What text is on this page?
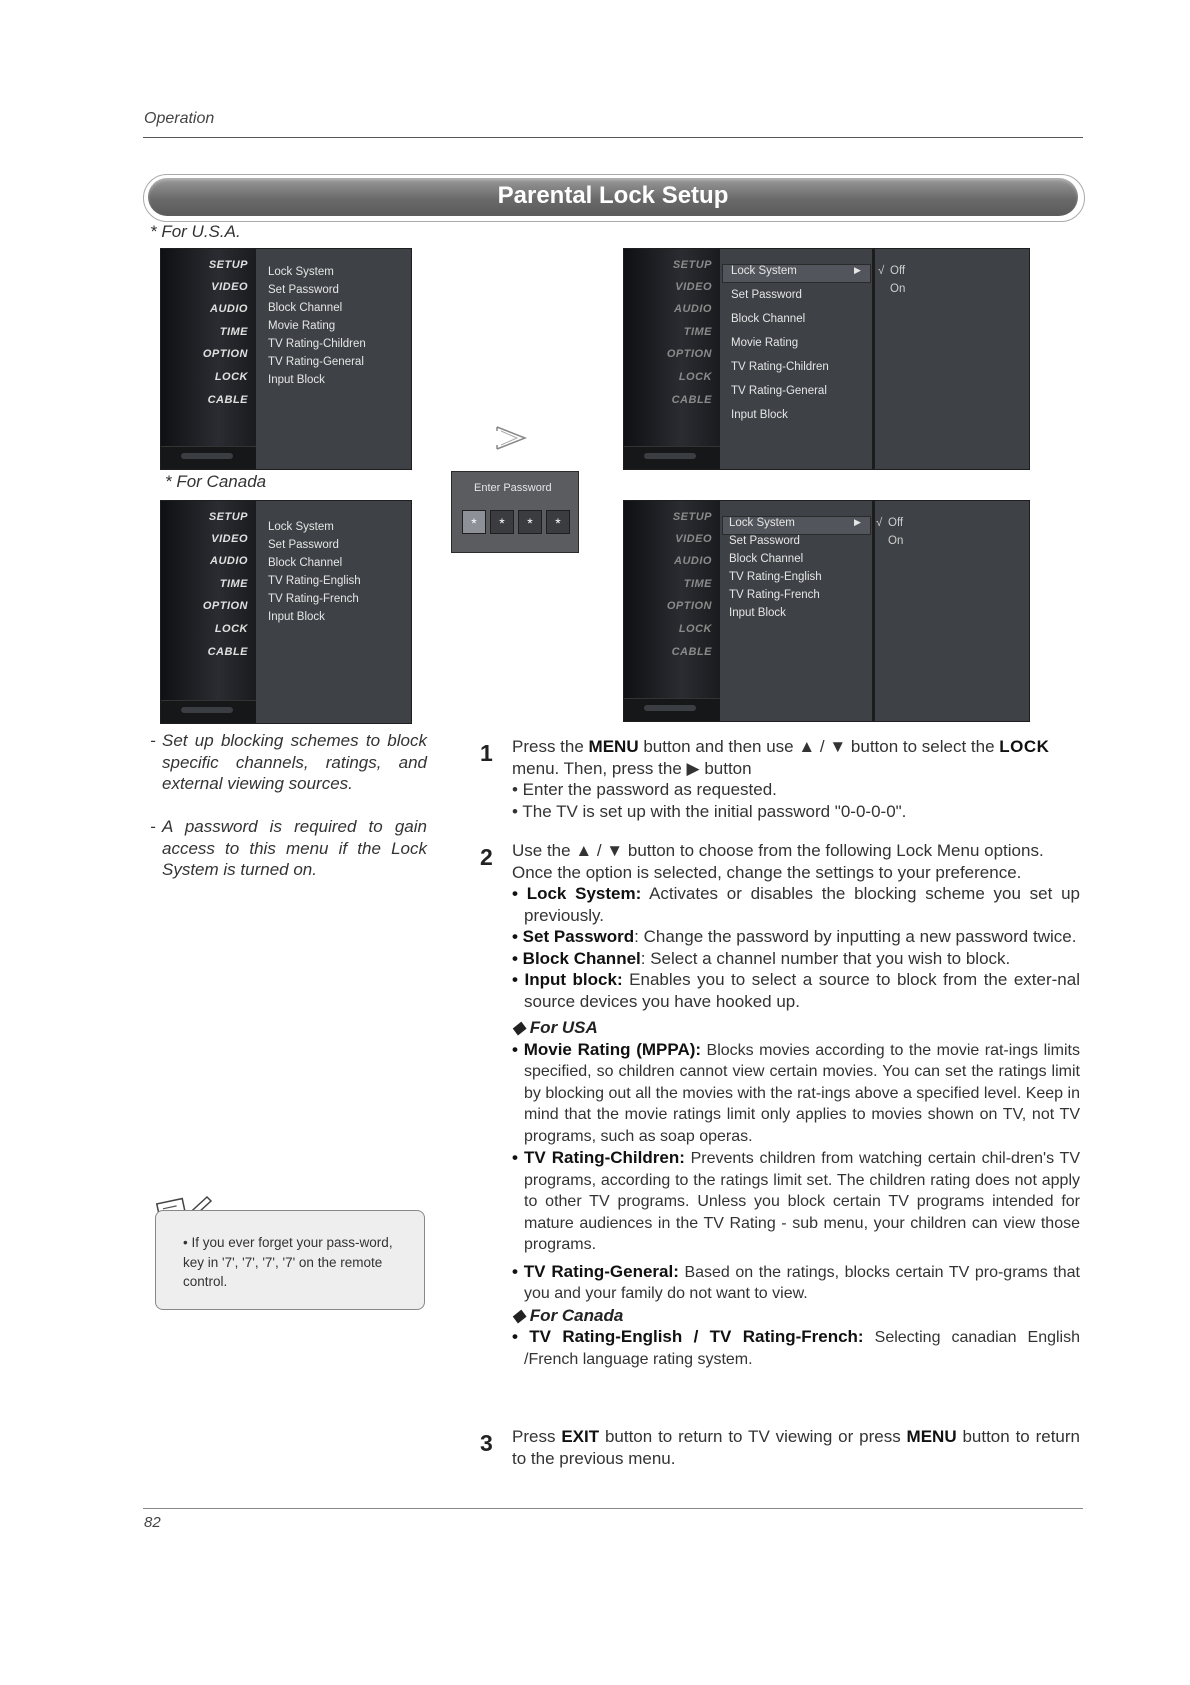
Operation
Parental Lock Setup
* For U.S.A.
* For Canada
SETUP
VIDEO
AUDIO
TIME
OPTION
LOCK
CABLE
Lock System
Set Password
Block Channel
Movie Rating
TV Rating-Children
TV Rating-General
Input Block
SETUP
VIDEO
AUDIO
TIME
OPTION
LOCK
CABLE
Lock System
Set Password
Block Channel
TV Rating-English
TV Rating-French
Input Block
Enter Password
*	*	*	*
SETUP
VIDEO
AUDIO
TIME
OPTION
LOCK
CABLE
Lock System	▶
Set Password
Block Channel
Movie Rating
TV Rating-Children
TV Rating-General
Input Block
√ Off
On
SETUP
VIDEO
AUDIO
TIME
OPTION
LOCK
CABLE
Lock System	▶
Set Password
Block Channel
TV Rating-English
TV Rating-French
Input Block
√ Off
On
- Set up blocking schemes to block specific channels, ratings, and external viewing sources.
- A password is required to gain access to this menu if the Lock System is turned on.
• If you ever forget your pass-word, key in '7', '7', '7', '7' on the remote control.
1 Press the MENU button and then use ▲ / ▼ button to select the LOCK

menu. Then, press the ▶ button

• Enter the password as requested.

• The TV is set up with the initial password "0-0-0-0".

2 Use the ▲ / ▼ button to choose from the following Lock Menu options.

Once the option is selected, change the settings to your preference.

• Lock System: Activates or disables the blocking scheme you set up previously.

• Set Password: Change the password by inputting a new password twice.

• Block Channel: Select a channel number that you wish to block.

• Input block: Enables you to select a source to block from the exter-nal source devices you have hooked up.

◆ For USA

• Movie Rating (MPPA): Blocks movies according to the movie rat-ings limits specified, so children cannot view certain movies. You can set the ratings limit by blocking out all the movies with the rat-ings above a specified level. Keep in mind that the movie ratings limit only applies to movies shown on TV, not TV programs, such as soap operas.

• TV Rating-Children: Prevents children from watching certain chil-dren's TV programs, according to the ratings limit set. The children rating does not apply to other TV programs. Unless you block certain TV programs intended for mature audiences in the TV Rating - sub menu, your children can view those programs.

• TV Rating-General: Based on the ratings, blocks certain TV pro-grams that you and your family do not want to view.

◆ For Canada

• TV Rating-English / TV Rating-French: Selecting canadian English /French language rating system.

3 Press EXIT button to return to TV viewing or press MENU button to return to the previous menu.

82
